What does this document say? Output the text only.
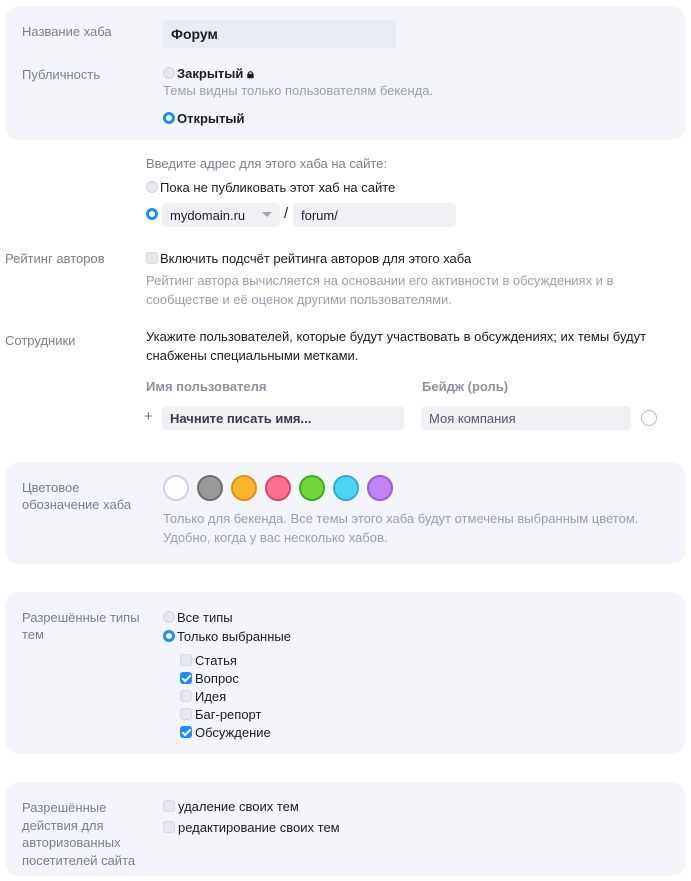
Название хаба	Форум
Публичность	Закрытый 🔒︎
Темы видны только пользователям бекенда.
Открытый
Введите адрес для этого хаба на сайте:
Пока не публиковать этот хаб на сайте
mydomain.ru	/ forum/
Рейтинг авторов	Включить подсчёт рейтинга авторов для этого хаба
Рейтинг автора вычисляется на основании его активности в обсуждениях и в сообществе и её оценок другими пользователями.
Сотрудники	Укажите пользователей, которые будут участвовать в обсуждениях; их темы будут снабжены специальными метками.
Имя пользователя	Бейдж (роль)
+	Начните писать имя...	Моя компания
Цветовое обозначение хаба
Только для бекенда. Все темы этого хаба будут отмечены выбранным цветом. Удобно, когда у вас несколько хабов.
Разрешённые типы тем
Все типы
Только выбранные
Статья
Вопрос
Идея
Баг-репорт
Обсуждение
Разрешённые действия для авторизованных посетителей сайта
удаление своих тем
редактирование своих тем
